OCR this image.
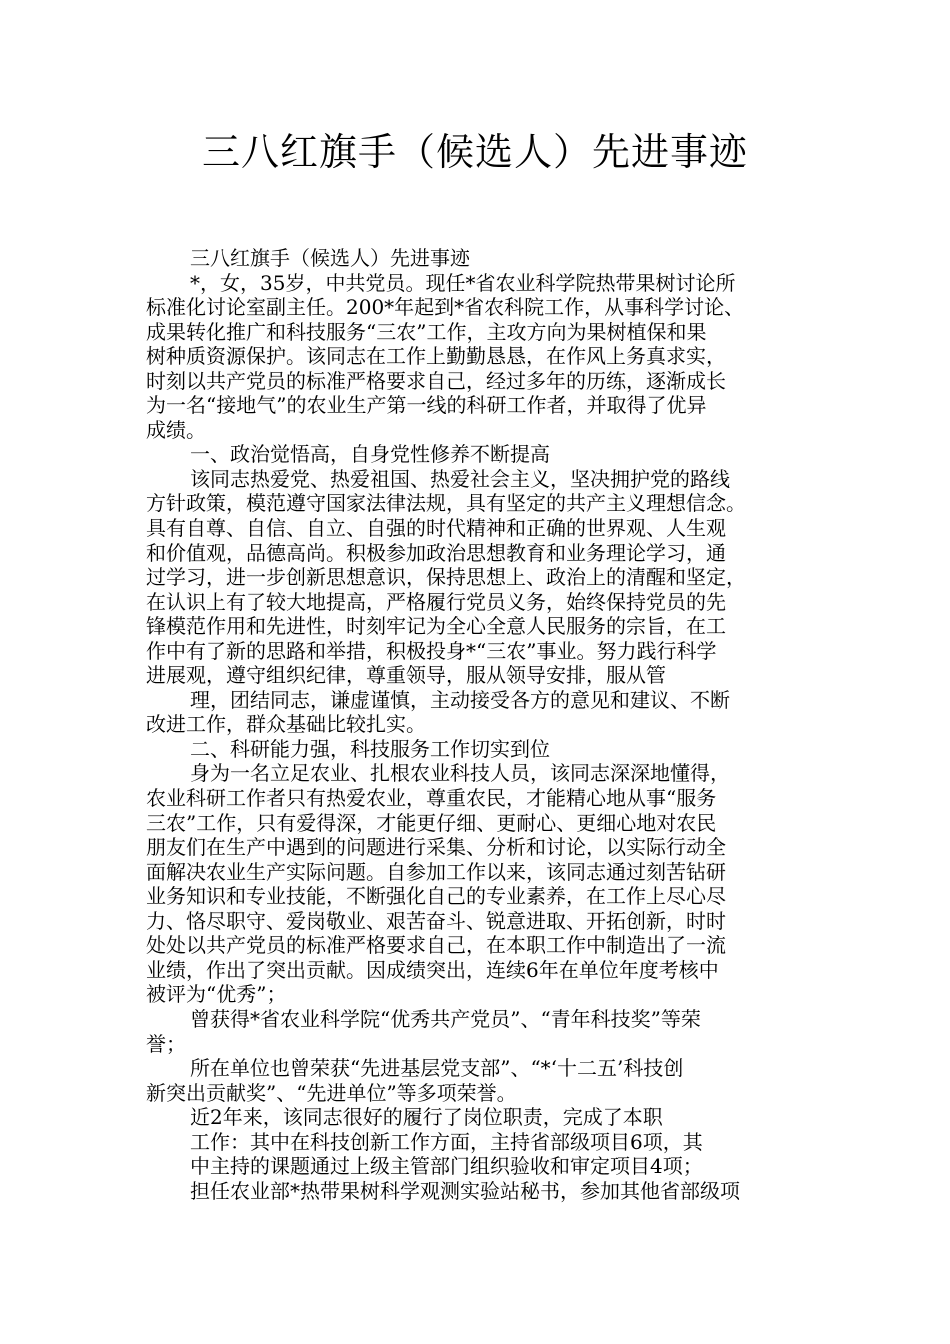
三八红旗手（候选人）先进事迹
三八红旗手（候选人）先进事迹
*，女，35岁，中共党员。现任*省农业科学院热带果树讨论所
标准化讨论室副主任。200*年起到*省农科院工作，从事科学讨论、
成果转化推广和科技服务“三农”工作，主攻方向为果树植保和果
树种质资源保护。该同志在工作上勤勤恳恳，在作风上务真求实，
时刻以共产党员的标准严格要求自己，经过多年的历练，逐渐成长
为一名“接地气”的农业生产第一线的科研工作者，并取得了优异
成绩。
一、政治觉悟高，自身党性修养不断提高
该同志热爱党、热爱祖国、热爱社会主义，坚决拥护党的路线
方针政策，模范遵守国家法律法规，具有坚定的共产主义理想信念。
具有自尊、自信、自立、自强的时代精神和正确的世界观、人生观
和价值观，品德高尚。积极参加政治思想教育和业务理论学习，通
过学习，进一步创新思想意识，保持思想上、政治上的清醒和坚定，
在认识上有了较大地提高，严格履行党员义务，始终保持党员的先
锋模范作用和先进性，时刻牢记为全心全意人民服务的宗旨，在工
作中有了新的思路和举措，积极投身*“三农”事业。努力践行科学
进展观，遵守组织纪律，尊重领导，服从领导安排，服从管
理，团结同志，谦虚谨慎，主动接受各方的意见和建议、不断
改进工作，群众基础比较扎实。
二、科研能力强，科技服务工作切实到位
身为一名立足农业、扎根农业科技人员，该同志深深地懂得，
农业科研工作者只有热爱农业，尊重农民，才能精心地从事“服务
三农”工作，只有爱得深，才能更仔细、更耐心、更细心地对农民
朋友们在生产中遇到的问题进行采集、分析和讨论，以实际行动全
面解决农业生产实际问题。自参加工作以来，该同志通过刻苦钻研
业务知识和专业技能，不断强化自己的专业素养，在工作上尽心尽
力、恪尽职守、爱岗敬业、艰苦奋斗、锐意进取、开拓创新，时时
处处以共产党员的标准严格要求自己，在本职工作中制造出了一流
业绩，作出了突出贡献。因成绩突出，连续6年在单位年度考核中
被评为“优秀”；
曾获得*省农业科学院“优秀共产党员”、“青年科技奖”等荣
誉；
所在单位也曾荣获“先进基层党支部”、“*‘十二五’科技创
新突出贡献奖”、“先进单位”等多项荣誉。
近2年来，该同志很好的履行了岗位职责，完成了本职
工作：其中在科技创新工作方面，主持省部级项目6项，其
中主持的课题通过上级主管部门组织验收和审定项目4项；
担任农业部*热带果树科学观测实验站秘书，参加其他省部级项
